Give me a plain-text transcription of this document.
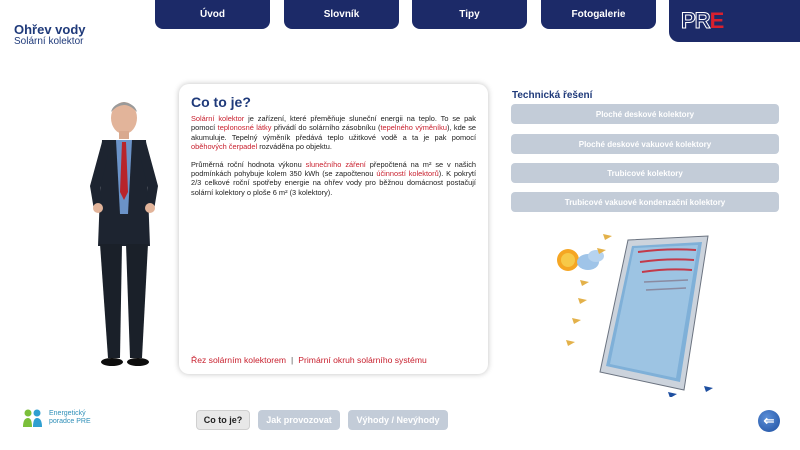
Ohřev vody
Solární kolektor
Úvod	Slovník	Tipy	Fotogalerie	PRE
Co to je?

Solární kolektor je zařízení, které přeměňuje sluneční energii na teplo. To se pak pomocí teplonosné látky přivádí do solárního zásobníku (tepelného výměníku), kde se akumuluje. Tepelný výměník předává teplo užitkové vodě a ta je pak pomocí oběhových čerpadel rozváděna po objektu.

Průměrná roční hodnota výkonu slunečního záření přepočtená na m² se v našich podmínkách pohybuje kolem 350 kWh (se započtenou účinností kolektorů). K pokrytí 2/3 celkové roční spotřeby energie na ohřev vody pro běžnou domácnost postačují solární kolektory o ploše 6 m² (3 kolektory).

Řez solárním kolektorem | Primární okruh solárního systému
Technická řešení
Ploché deskové kolektory
Ploché deskové vakuové kolektory
Trubicové kolektory
Trubicové vakuové kondenzační kolektory
Co to je?	Jak provozovat	Výhody / Nevýhody	⇐
Energetický
poradce PRE
